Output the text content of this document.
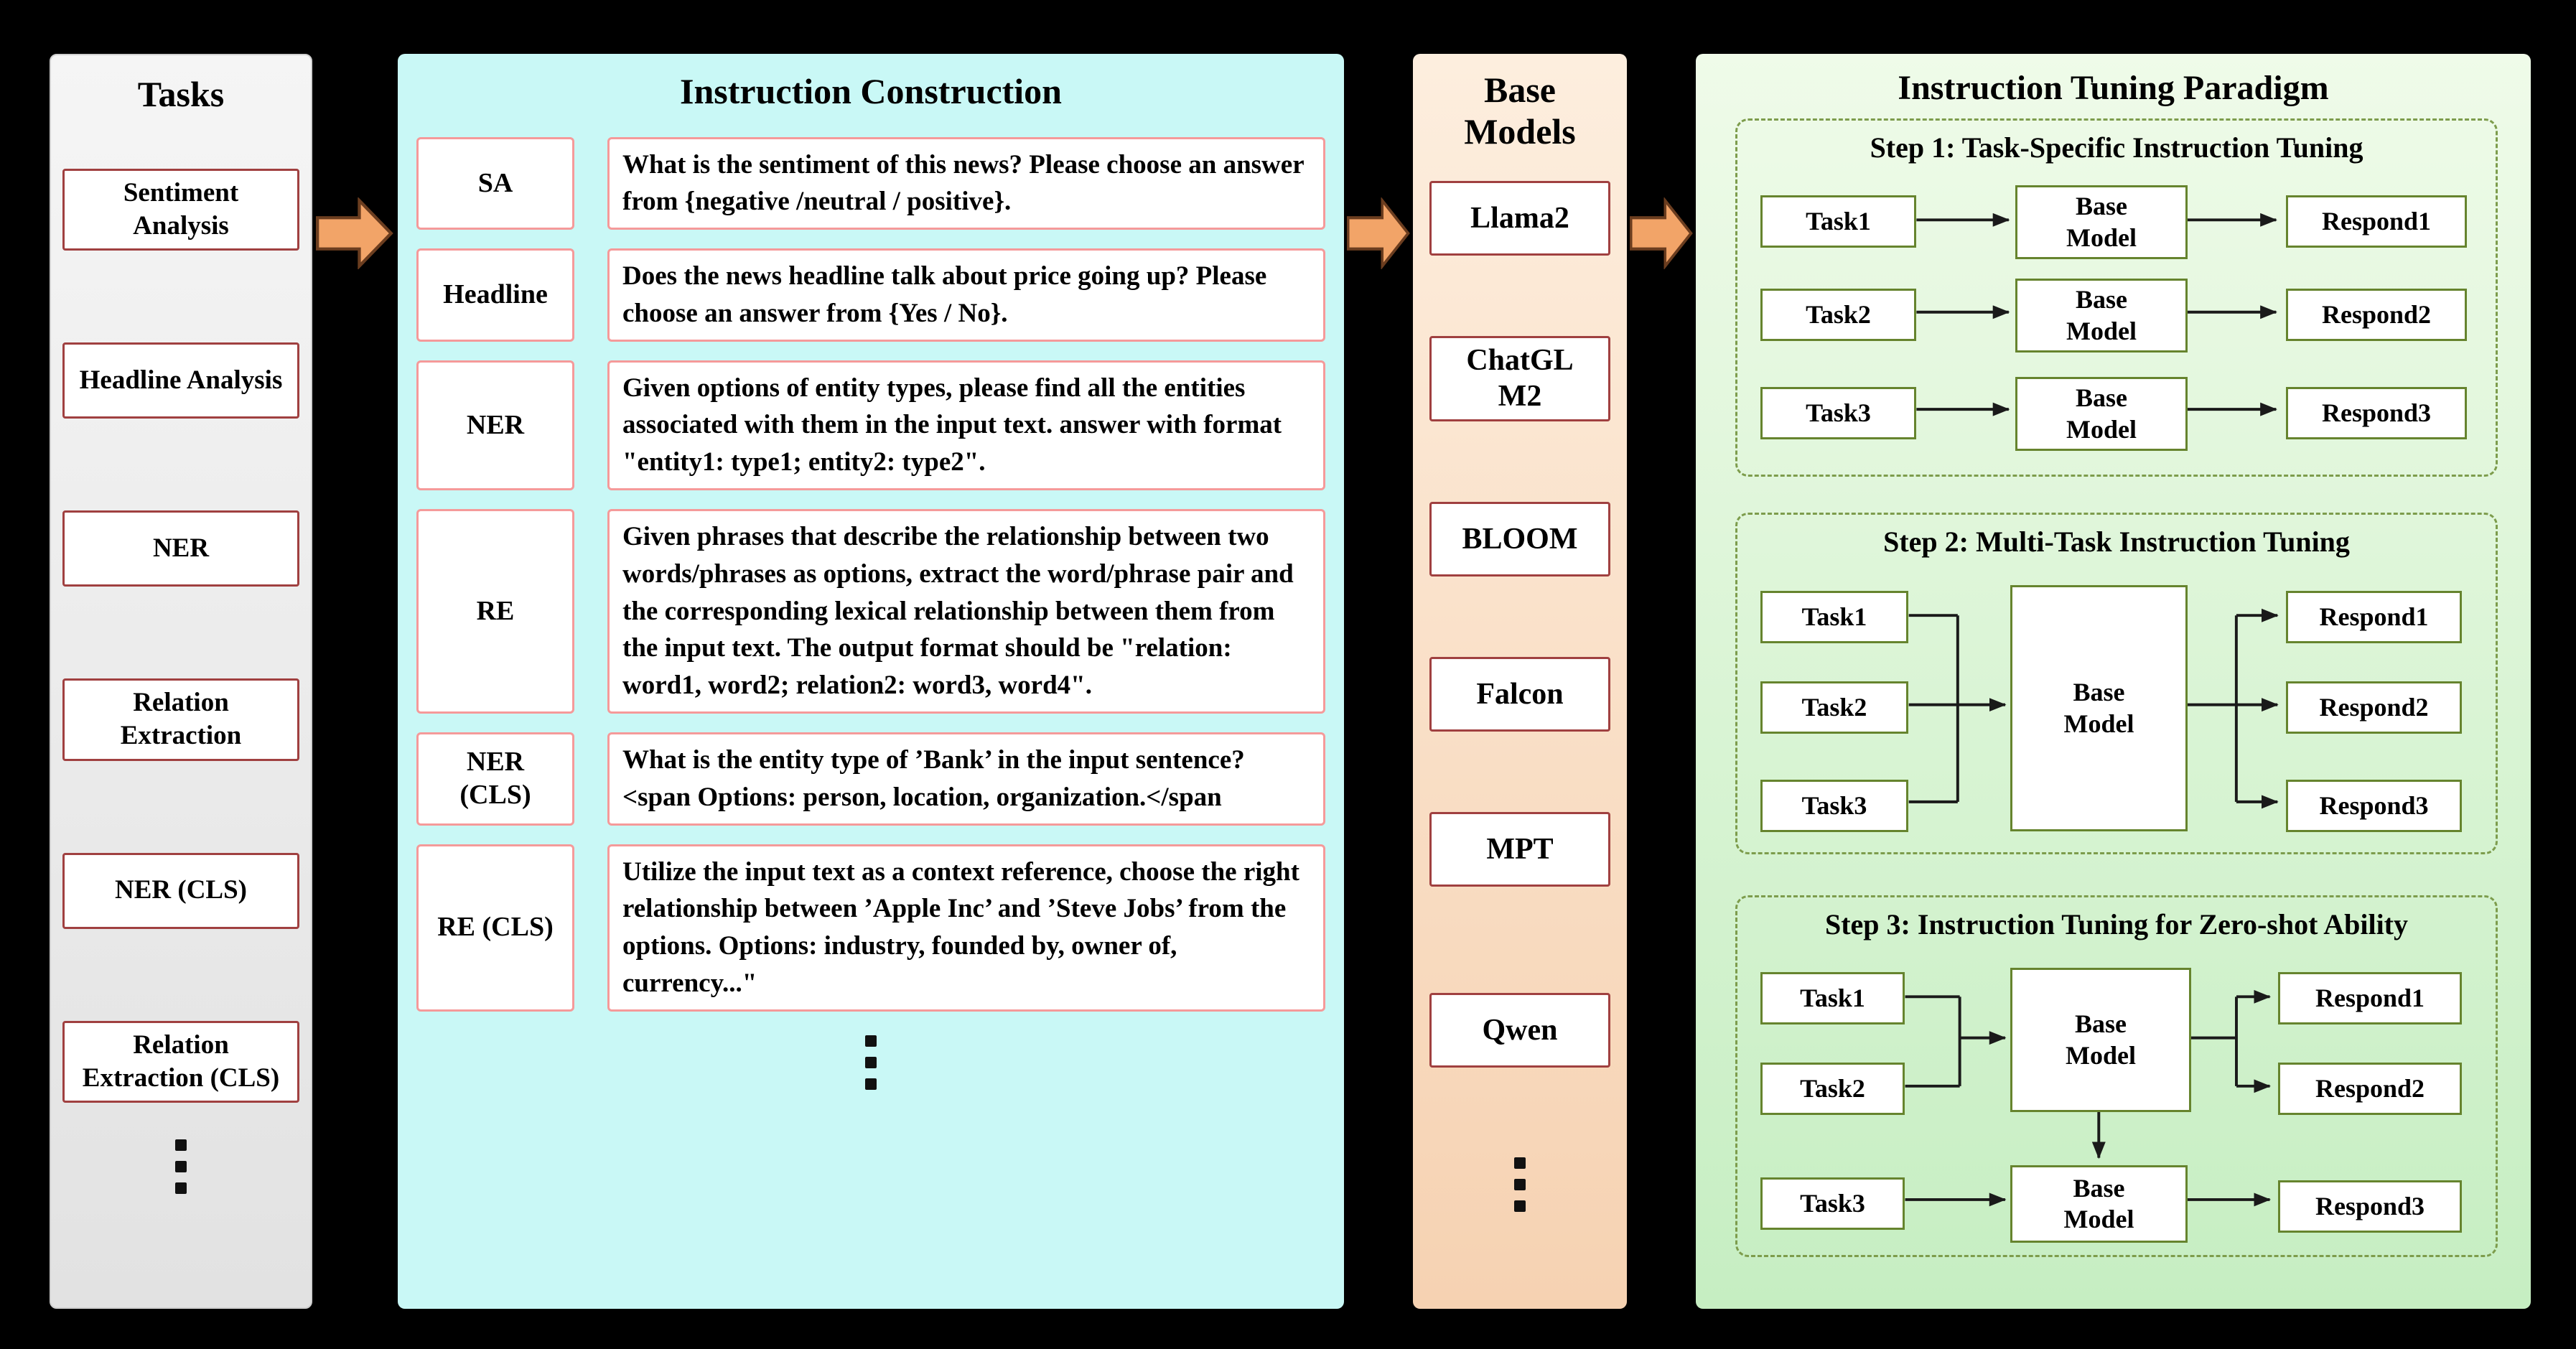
Tasks
Sentiment Analysis
Headline Analysis
NER
Relation Extraction
NER (CLS)
Relation Extraction (CLS)
Instruction Construction
SA
What is the sentiment of this news? Please choose an answer from {negative /neutral / positive}.
Headline
Does the news headline talk about price going up? Please choose an answer from {Yes / No}.
NER
Given options of entity types, please find all the entities associated with them in the input text. answer with format "entity1: type1; entity2: type2".
RE
Given phrases that describe the relationship between two words/phrases as options, extract the word/phrase pair and the corresponding lexical relationship between them from the input text. The output format should be "relation: word1, word2; relation2: word3, word4".
NER (CLS)
What is the entity type of ’Bank’ in the input sentence?<span Options: person, location, organization.</span
RE (CLS)
Utilize the input text as a context reference, choose the right relationship between ’Apple Inc’ and ’Steve Jobs’ from the options. Options: industry, founded by, owner of, currency..."
Base Models
Llama2
ChatGLM2
BLOOM
Falcon
MPT
Qwen
Instruction Tuning Paradigm
Step 1: Task-Specific Instruction Tuning
Task1
Base Model
Respond1
Task2
Base Model
Respond2
Task3
Base Model
Respond3
Step 2: Multi-Task Instruction Tuning
Task1
Task2
Task3
Base Model
Respond1
Respond2
Respond3
Step 3: Instruction Tuning for Zero-shot Ability
Task1
Task2
Base Model
Respond1
Respond2
Task3
Base Model	Respond3
